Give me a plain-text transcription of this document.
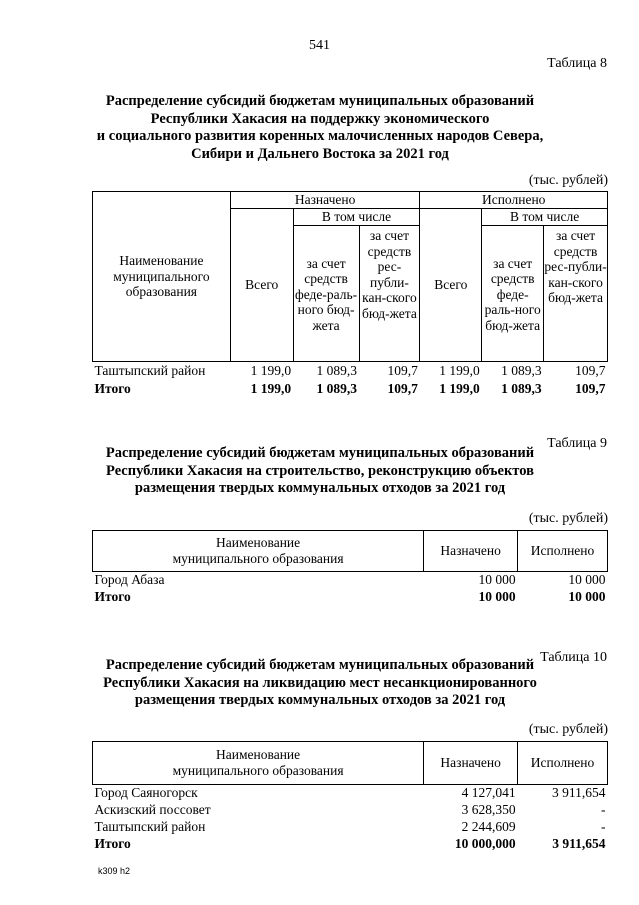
541
Таблица 8
Распределение субсидий бюджетам муниципальных образований
Республики Хакасия на поддержку экономического
и социального развития коренных малочисленных народов Севера,
Сибири и Дальнего Востока за 2021 год
(тыс. рублей)
Наименование муниципального образования	Назначено			Исполнено		
	Всего	В том числе		Всего	В том числе	
		за счет средств феде-раль-ного бюд-жета	за счет средств рес-публи-кан-ского бюд-жета		за счет средств феде-раль-ного бюд-жета	за счет средств рес-публи-кан-ского бюд-жета
Таштыпский район	1 199,0	1 089,3	109,7	1 199,0	1 089,3	109,7
Итого	1 199,0	1 089,3	109,7	1 199,0	1 089,3	109,7
Таблица 9
Распределение субсидий бюджетам муниципальных образований
Республики Хакасия на строительство, реконструкцию объектов
размещения твердых коммунальных отходов за 2021 год
(тыс. рублей)
Наименование
муниципального образования	Назначено	Исполнено
Город Абаза	10 000	10 000
Итого	10 000	10 000
Таблица 10
Распределение субсидий бюджетам муниципальных образований
Республики Хакасия на ликвидацию мест несанкционированного
размещения твердых коммунальных отходов за 2021 год
(тыс. рублей)
Наименование
муниципального образования	Назначено	Исполнено
Город Саяногорск	4 127,041	3 911,654
Аскизский поссовет	3 628,350	-
Таштыпский район	2 244,609	-
Итого	10 000,000	3 911,654
k309 h2
